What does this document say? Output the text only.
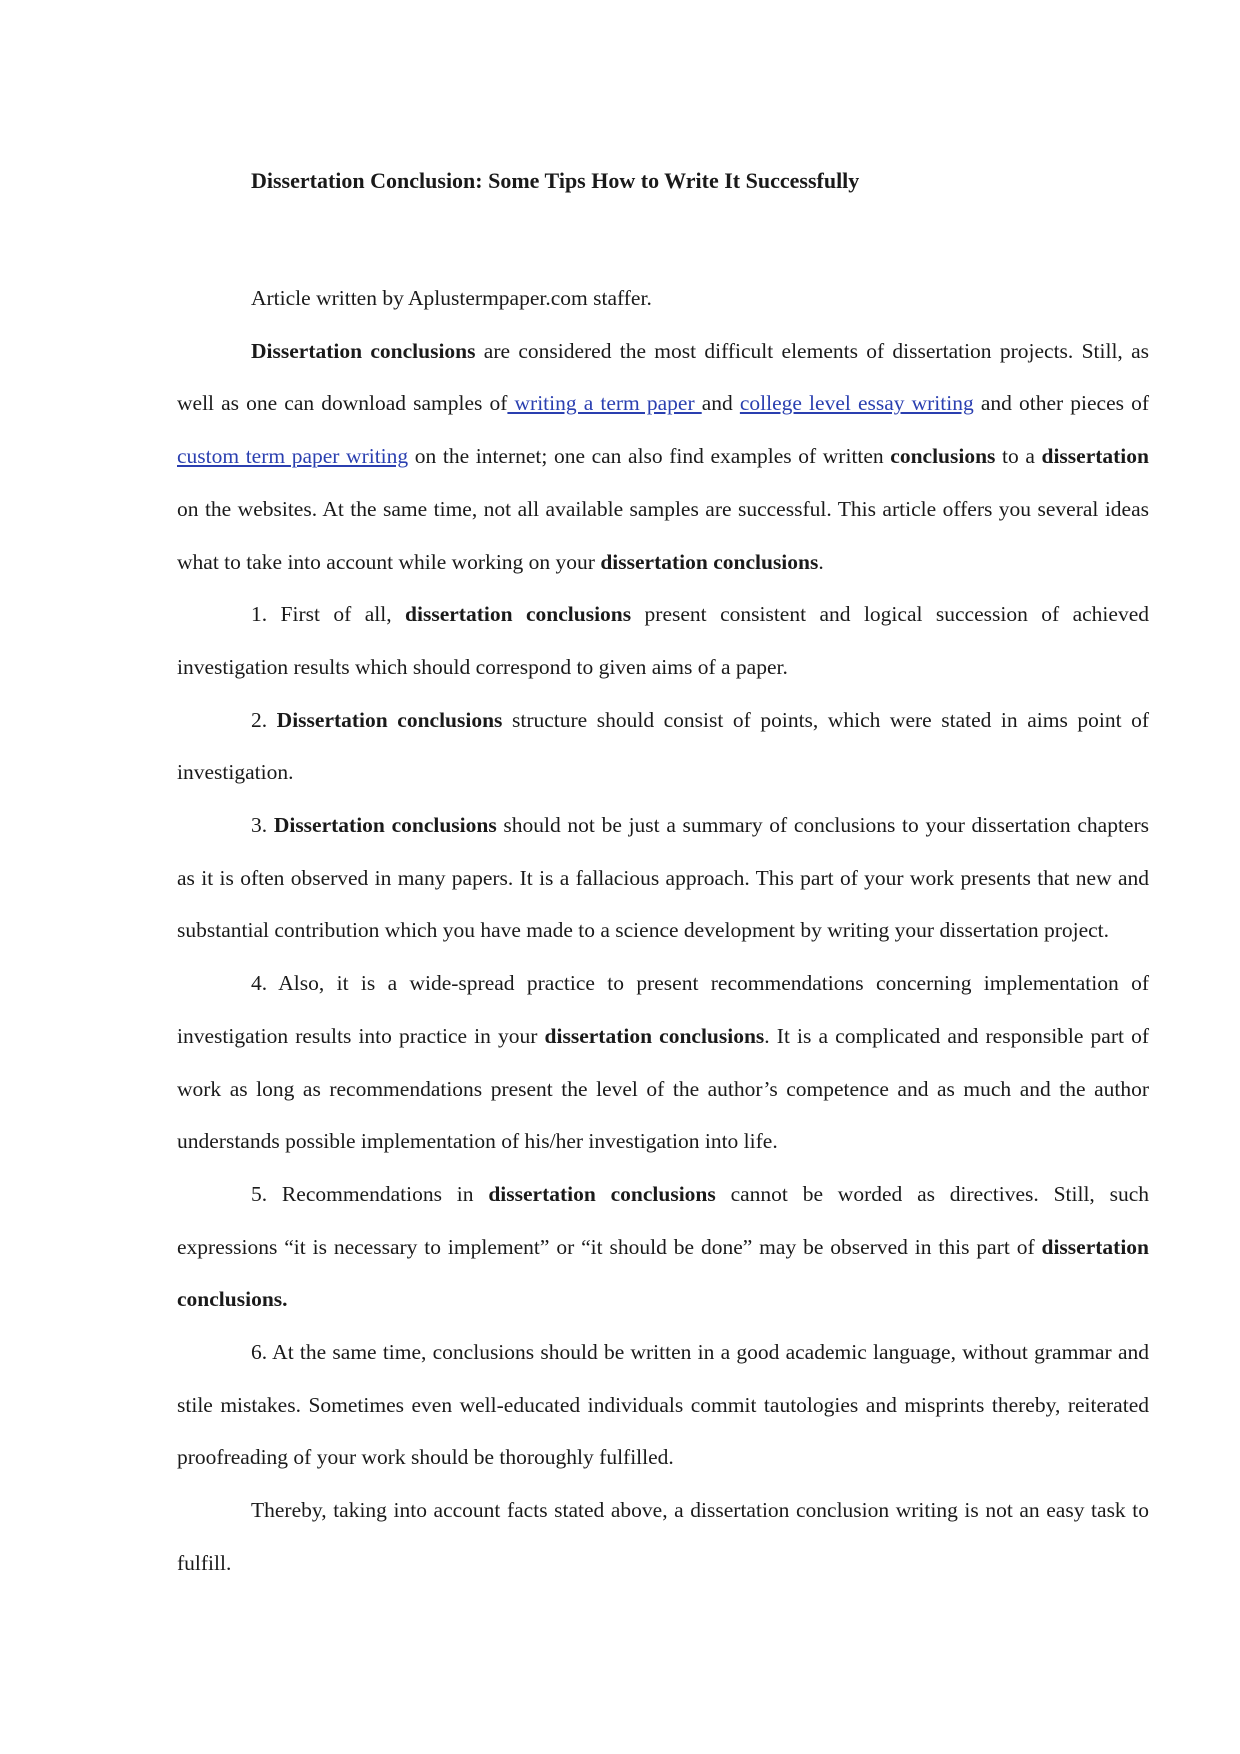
Dissertation Conclusion: Some Tips How to Write It Successfully

Article written by Aplustermpaper.com staffer.

Dissertation conclusions are considered the most difficult elements of dissertation projects. Still, as well as one can download samples of writing a term paper and college level essay writing and other pieces of custom term paper writing on the internet; one can also find examples of written conclusions to a dissertation on the websites. At the same time, not all available samples are successful. This article offers you several ideas what to take into account while working on your dissertation conclusions.

1. First of all, dissertation conclusions present consistent and logical succession of achieved investigation results which should correspond to given aims of a paper.

2. Dissertation conclusions structure should consist of points, which were stated in aims point of investigation.

3. Dissertation conclusions should not be just a summary of conclusions to your dissertation chapters as it is often observed in many papers. It is a fallacious approach. This part of your work presents that new and substantial contribution which you have made to a science development by writing your dissertation project.

4. Also, it is a wide-spread practice to present recommendations concerning implementation of investigation results into practice in your dissertation conclusions. It is a complicated and responsible part of work as long as recommendations present the level of the author’s competence and as much and the author understands possible implementation of his/her investigation into life.

5. Recommendations in dissertation conclusions cannot be worded as directives. Still, such expressions “it is necessary to implement” or “it should be done” may be observed in this part of dissertation conclusions.

6. At the same time, conclusions should be written in a good academic language, without grammar and stile mistakes. Sometimes even well-educated individuals commit tautologies and misprints thereby, reiterated proofreading of your work should be thoroughly fulfilled.

Thereby, taking into account facts stated above, a dissertation conclusion writing is not an easy task to fulfill.
